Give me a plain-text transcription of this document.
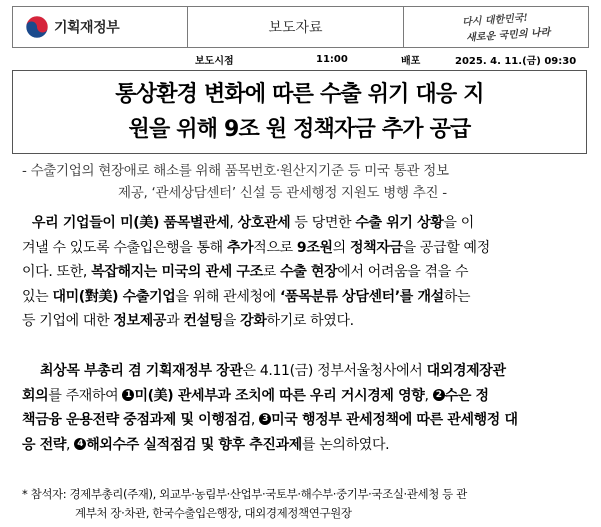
기획재정부	보도자료	다시 대한민국!
새로운 국민의 나라
보도시점	11:00	배포	2025. 4. 11.(금) 09:30
통상환경 변화에 따른 수출 위기 대응 지
원을 위해 9조 원 정책자금 추가 공급
- 수출기업의 현장애로 해소를 위해 품목번호·원산지기준 등 미국 통관 정보
제공, ‘관세상담센터’ 신설 등 관세행정 지원도 병행 추진 -
우리 기업들이 미(美) 품목별관세, 상호관세 등 당면한 수출 위기 상황을 이
겨낼 수 있도록 수출입은행을 통해 추가적으로 9조원의 정책자금을 공급할 예정
이다. 또한, 복잡해지는 미국의 관세 구조로 수출 현장에서 어려움을 겪을 수
있는 대미(對美) 수출기업을 위해 관세청에 ‘품목분류 상담센터’를 개설하는
등 기업에 대한 정보제공과 컨설팅을 강화하기로 하였다.
최상목 부총리 겸 기획재정부 장관은 4.11(금) 정부서울청사에서 대외경제장관
회의를 주재하여 1 미(美) 관세부과 조치에 따른 우리 거시경제 영향, 2 수은 정
책금융 운용전략 중점과제 및 이행점검, 3 미국 행정부 관세정책에 따른 관세행정 대
응 전략, 4 해외수주 실적점검 및 향후 추진과제를 논의하였다.
* 참석자: 경제부총리(주재), 외교부·농림부·산업부·국토부·해수부·중기부·국조실·관세청 등 관
계부처 장·차관, 한국수출입은행장, 대외경제정책연구원장
